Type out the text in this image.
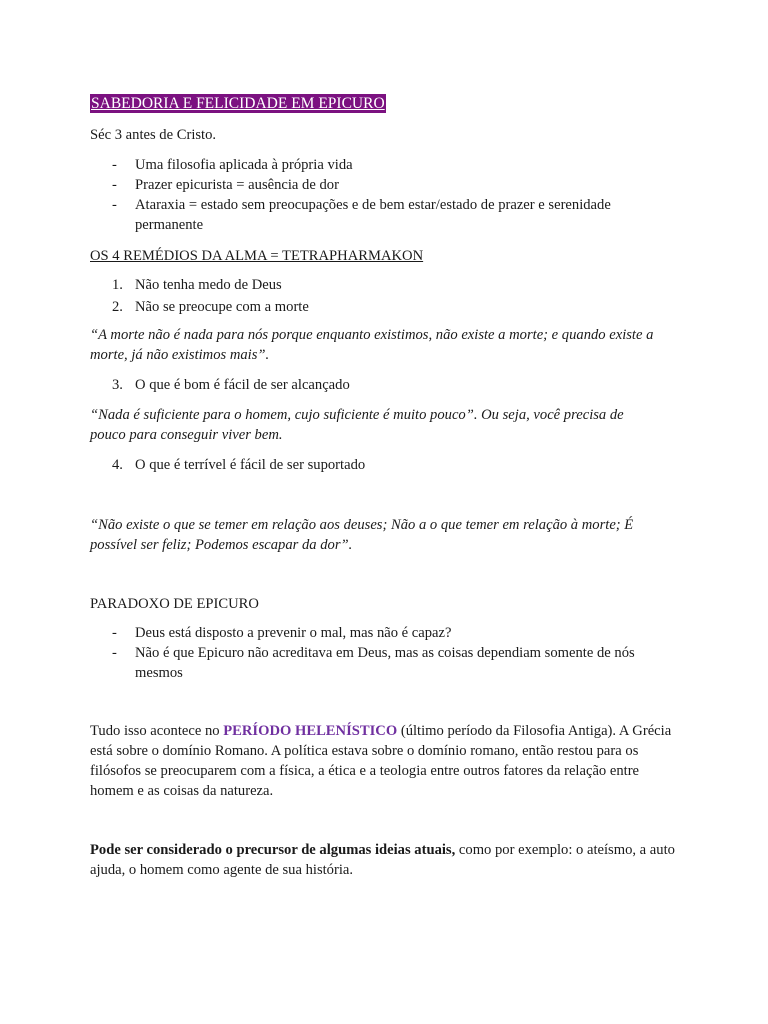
SABEDORIA E FELICIDADE EM EPICURO
Séc 3 antes de Cristo.
- Uma filosofia aplicada à própria vida
- Prazer epicurista = ausência de dor
- Ataraxia = estado sem preocupações e de bem estar/estado de prazer e serenidade permanente
OS 4 REMÉDIOS DA ALMA = TETRAPHARMAKON
1. Não tenha medo de Deus
2. Não se preocupe com a morte
“A morte não é nada para nós porque enquanto existimos, não existe a morte; e quando existe a morte, já não existimos mais”.
3. O que é bom é fácil de ser alcançado
“Nada é suficiente para o homem, cujo suficiente é muito pouco”. Ou seja, você precisa de pouco para conseguir viver bem.
4. O que é terrível é fácil de ser suportado
“Não existe o que se temer em relação aos deuses; Não a o que temer em relação à morte; É possível ser feliz; Podemos escapar da dor”.
PARADOXO DE EPICURO
- Deus está disposto a prevenir o mal, mas não é capaz?
- Não é que Epicuro não acreditava em Deus, mas as coisas dependiam somente de nós mesmos
Tudo isso acontece no PERÍODO HELENÍSTICO (último período da Filosofia Antiga). A Grécia está sobre o domínio Romano. A política estava sobre o domínio romano, então restou para os filósofos se preocuparem com a física, a ética e a teologia entre outros fatores da relação entre homem e as coisas da natureza.
Pode ser considerado o precursor de algumas ideias atuais, como por exemplo: o ateísmo, a auto ajuda, o homem como agente de sua história.
